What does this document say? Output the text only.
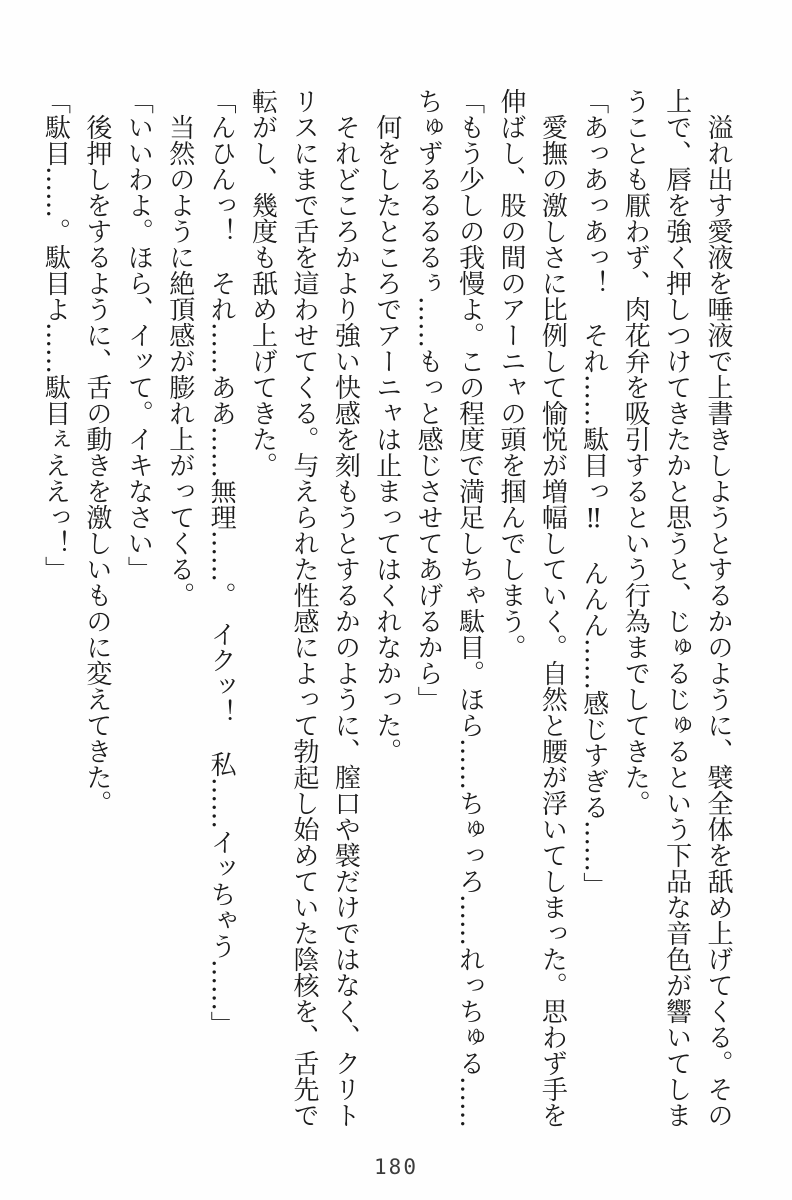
溢れ出す愛液を唾液で上書きしようとするかのように、襞全体を舐め上げてくる。その
上で、唇を強く押しつけてきたかと思うと、じゅるじゅるという下品な音色が響いてしま
うことも厭わず、肉花弁を吸引するという行為までしてきた。
「あっあっあっ！　それ……駄目っ‼　んんん……感じすぎる……」
愛撫の激しさに比例して愉悦が増幅していく。自然と腰が浮いてしまった。思わず手を
伸ばし、股の間のアーニャの頭を掴んでしまう。
「もう少しの我慢よ。この程度で満足しちゃ駄目。ほら……ちゅっろ……れっちゅる……
ちゅずるるるるぅ……もっと感じさせてあげるから」
何をしたところでアーニャは止まってはくれなかった。
それどころかより強い快感を刻もうとするかのように、膣口や襞だけではなく、クリト
リスにまで舌を這わせてくる。与えられた性感によって勃起し始めていた陰核を、舌先で
転がし、幾度も舐め上げてきた。
「んひんっ！　それ……ああ……無理……。　イクッ！　私……イッちゃう……」
当然のように絶頂感が膨れ上がってくる。
「いいわよ。ほら、イッて。イキなさい」
後押しをするように、舌の動きを激しいものに変えてきた。
「駄目……。駄目よ……駄目ぇええっ！」
180
